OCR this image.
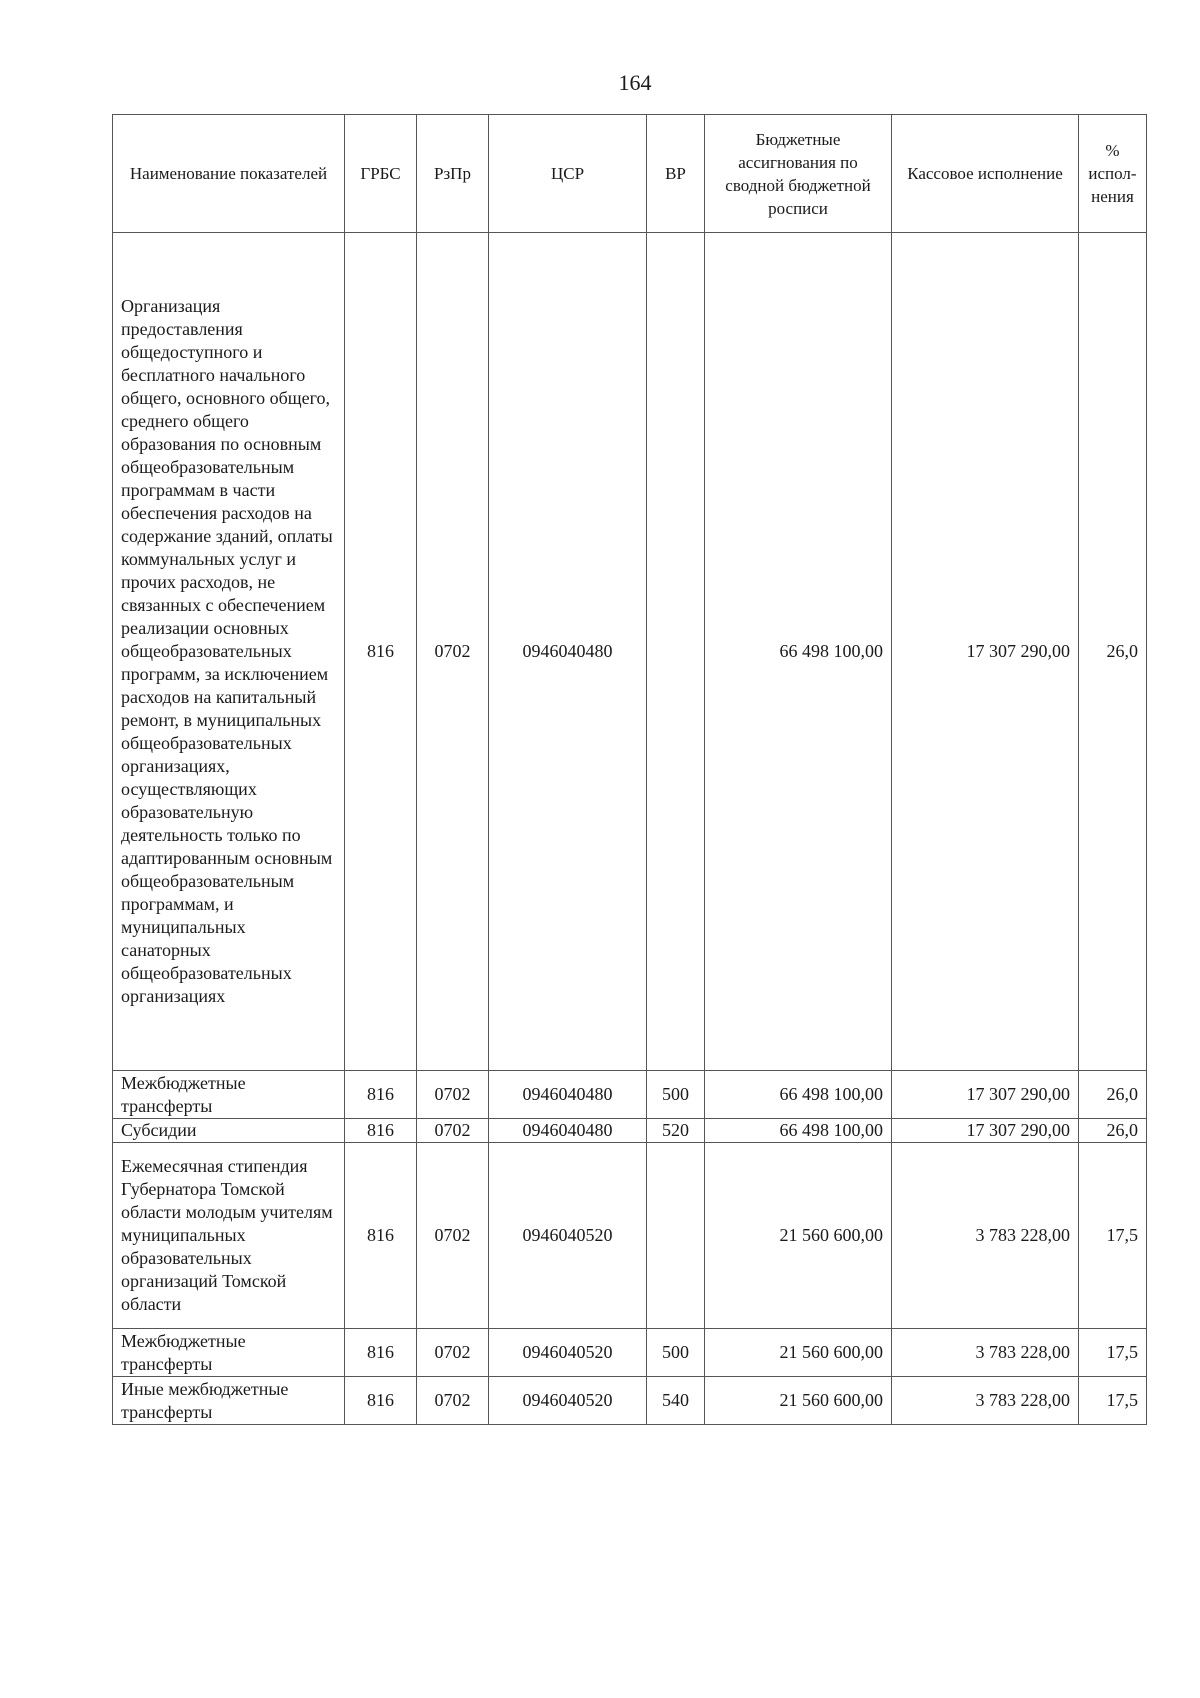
164
Наименование показателей	ГРБС	РзПр	ЦСР	ВР	Бюджетные ассигнования по сводной бюджетной росписи	Кассовое исполнение	% испол-нения
Организация предоставления общедоступного и бесплатного начального общего, основного общего, среднего общего образования по основным общеобразовательным программам в части обеспечения расходов на содержание зданий, оплаты коммунальных услуг и прочих расходов, не связанных с обеспечением реализации основных общеобразовательных программ, за исключением расходов на капитальный ремонт, в муниципальных общеобразовательных организациях, осуществляющих образовательную деятельность только по адаптированным основным общеобразовательным программам, и муниципальных санаторных общеобразовательных организациях	816	0702	0946040480		66 498 100,00	17 307 290,00	26,0
Межбюджетные трансферты	816	0702	0946040480	500	66 498 100,00	17 307 290,00	26,0
Субсидии	816	0702	0946040480	520	66 498 100,00	17 307 290,00	26,0
Ежемесячная стипендия Губернатора Томской области молодым учителям муниципальных образовательных организаций Томской области	816	0702	0946040520		21 560 600,00	3 783 228,00	17,5
Межбюджетные трансферты	816	0702	0946040520	500	21 560 600,00	3 783 228,00	17,5
Иные межбюджетные трансферты	816	0702	0946040520	540	21 560 600,00	3 783 228,00	17,5
